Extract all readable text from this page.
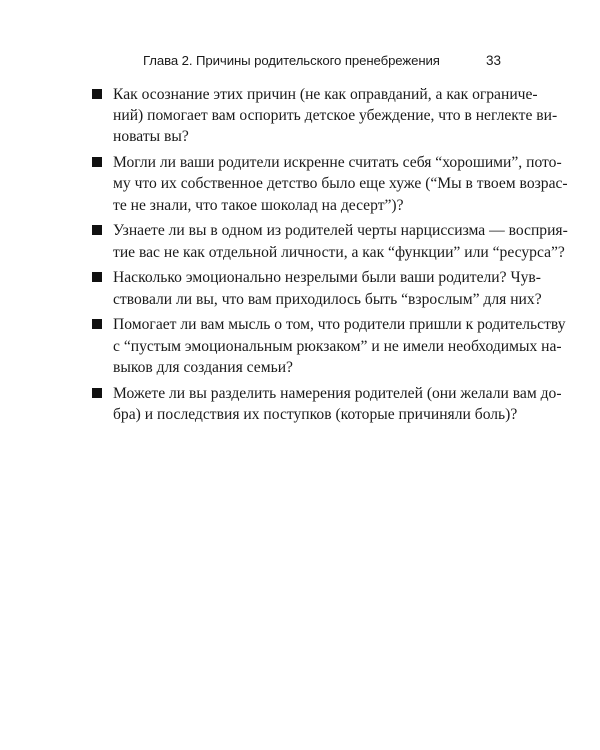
Глава 2. Причины родительского пренебрежения	33
Как осознание этих причин (не как оправданий, а как ограниче-
ний) помогает вам оспорить детское убеждение, что в неглекте ви-
новаты вы?
Могли ли ваши родители искренне считать себя “хорошими”, пото-
му что их собственное детство было еще хуже (“Мы в твоем возрас-
те не знали, что такое шоколад на десерт”)?
Узнаете ли вы в одном из родителей черты нарциссизма — восприя-
тие вас не как отдельной личности, а как “функции” или “ресурса”?
Насколько эмоционально незрелыми были ваши родители? Чув-
ствовали ли вы, что вам приходилось быть “взрослым” для них?
Помогает ли вам мысль о том, что родители пришли к родительству
с “пустым эмоциональным рюкзаком” и не имели необходимых на-
выков для создания семьи?
Можете ли вы разделить намерения родителей (они желали вам до-
бра) и последствия их поступков (которые причиняли боль)?
